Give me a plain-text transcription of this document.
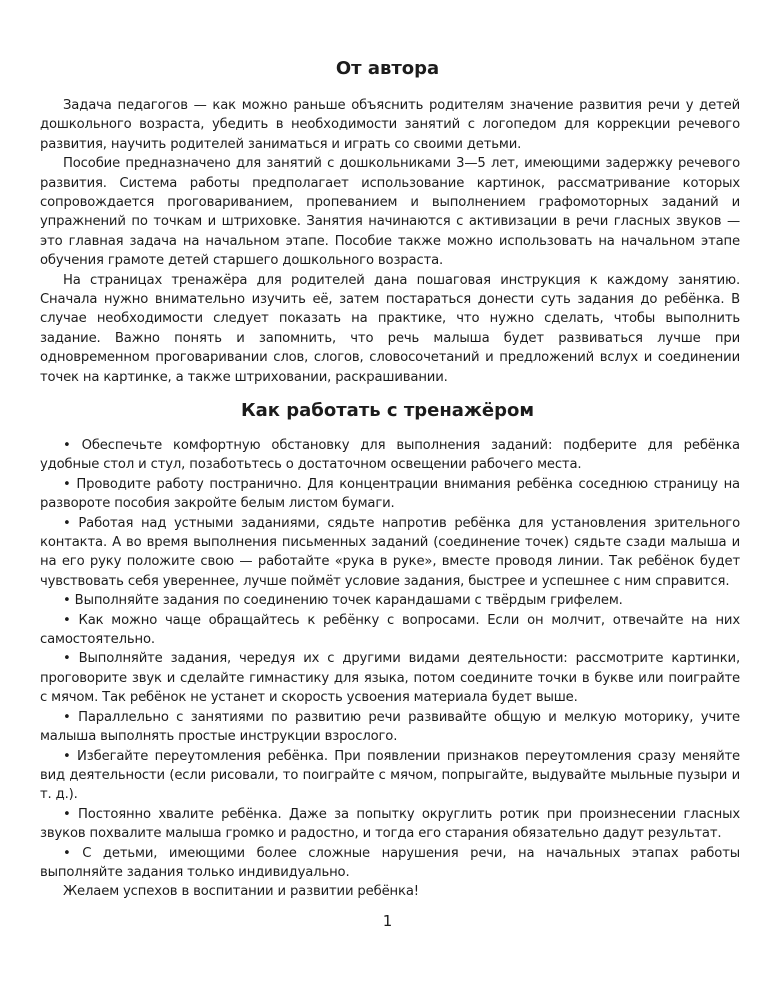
От автора

Задача педагогов — как можно раньше объяснить родителям значение развития речи у детей дошкольного возраста, убедить в необходимости занятий с логопедом для коррекции речевого развития, научить родителей заниматься и играть со своими детьми.

Пособие предназначено для занятий с дошкольниками 3—5 лет, имеющими задержку речевого развития. Система работы предполагает использование картинок, рассматривание которых сопровождается проговариванием, пропеванием и выполнением графомоторных заданий и упражнений по точкам и штриховке. Занятия начинаются с активизации в речи гласных звуков — это главная задача на начальном этапе. Пособие также можно использовать на начальном этапе обучения грамоте детей старшего дошкольного возраста.

На страницах тренажёра для родителей дана пошаговая инструкция к каждому занятию. Сначала нужно внимательно изучить её, затем постараться донести суть задания до ребёнка. В случае необходимости следует показать на практике, что нужно сделать, чтобы выполнить задание. Важно понять и запомнить, что речь малыша будет развиваться лучше при одновременном проговаривании слов, слогов, словосочетаний и предложений вслух и соединении точек на картинке, а также штриховании, раскрашивании.

Как работать с тренажёром

• Обеспечьте комфортную обстановку для выполнения заданий: подберите для ребёнка удобные стол и стул, позаботьтесь о достаточном освещении рабочего места.

• Проводите работу постранично. Для концентрации внимания ребёнка соседнюю страницу на развороте пособия закройте белым листом бумаги.

• Работая над устными заданиями, сядьте напротив ребёнка для установления зрительного контакта. А во время выполнения письменных заданий (соединение точек) сядьте сзади малыша и на его руку положите свою — работайте «рука в руке», вместе проводя линии. Так ребёнок будет чувствовать себя увереннее, лучше поймёт условие задания, быстрее и успешнее с ним справится.

• Выполняйте задания по соединению точек карандашами с твёрдым грифелем.

• Как можно чаще обращайтесь к ребёнку с вопросами. Если он молчит, отвечайте на них самостоятельно.

• Выполняйте задания, чередуя их с другими видами деятельности: рассмотрите картинки, проговорите звук и сделайте гимнастику для языка, потом соедините точки в букве или поиграйте с мячом. Так ребёнок не устанет и скорость усвоения материала будет выше.

• Параллельно с занятиями по развитию речи развивайте общую и мелкую моторику, учите малыша выполнять простые инструкции взрослого.

• Избегайте переутомления ребёнка. При появлении признаков переутомления сразу меняйте вид деятельности (если рисовали, то поиграйте с мячом, попрыгайте, выдувайте мыльные пузыри и т. д.).

• Постоянно хвалите ребёнка. Даже за попытку округлить ротик при произнесении гласных звуков похвалите малыша громко и радостно, и тогда его старания обязательно дадут результат.

• С детьми, имеющими более сложные нарушения речи, на начальных этапах работы выполняйте задания только индивидуально.

Желаем успехов в воспитании и развитии ребёнка!

1
